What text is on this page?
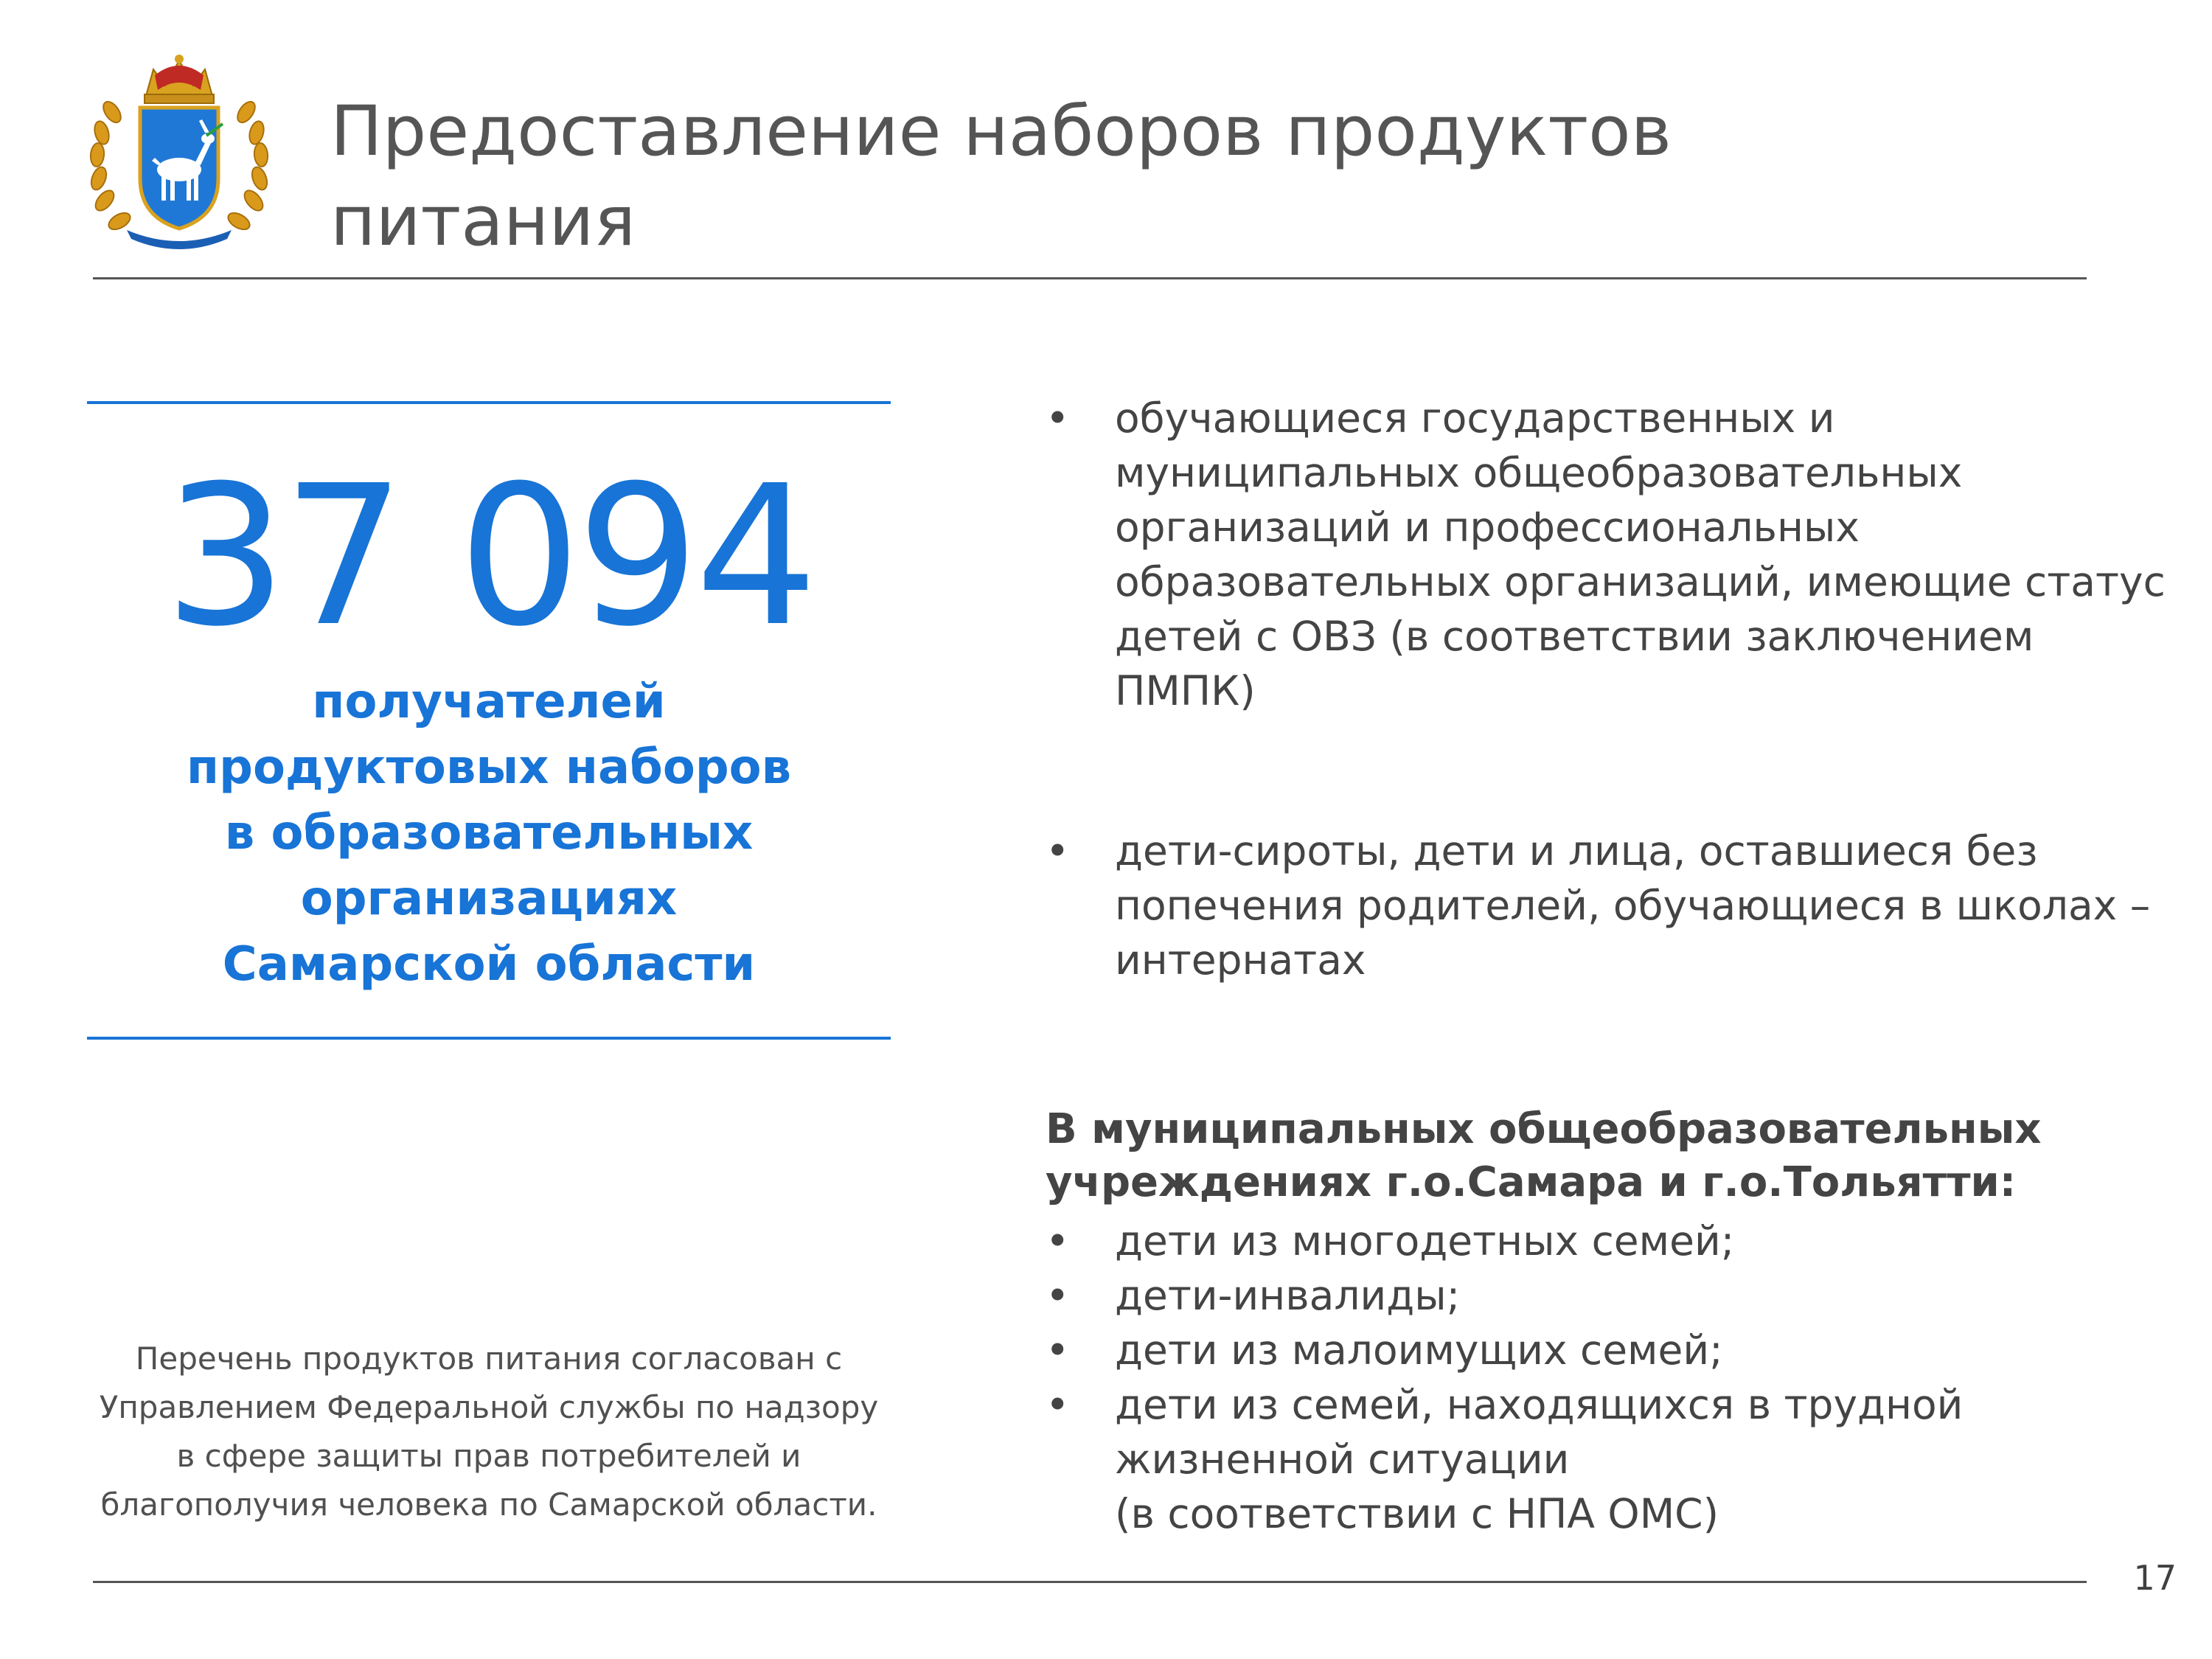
Предоставление наборов продуктов
питания
37 094
получателей
продуктовых наборов
в образовательных
организациях
Самарской области
Перечень продуктов питания согласован с
Управлением Федеральной службы по надзору
в сфере защиты прав потребителей и
благополучия человека по Самарской области.
•	обучающиеся государственных и
муниципальных общеобразовательных
организаций и профессиональных
образовательных организаций, имеющие статус
детей с ОВЗ (в соответствии заключением
ПМПК)
•	дети-сироты, дети и лица, оставшиеся без
попечения родителей, обучающиеся в школах –
интернатах
В муниципальных общеобразовательных
учреждениях г.о.Самара и г.о.Тольятти:
•	дети из многодетных семей;
•	дети-инвалиды;
•	дети из малоимущих семей;
•	дети из семей, находящихся в трудной
жизненной ситуации
(в соответствии с НПА ОМС)
17
